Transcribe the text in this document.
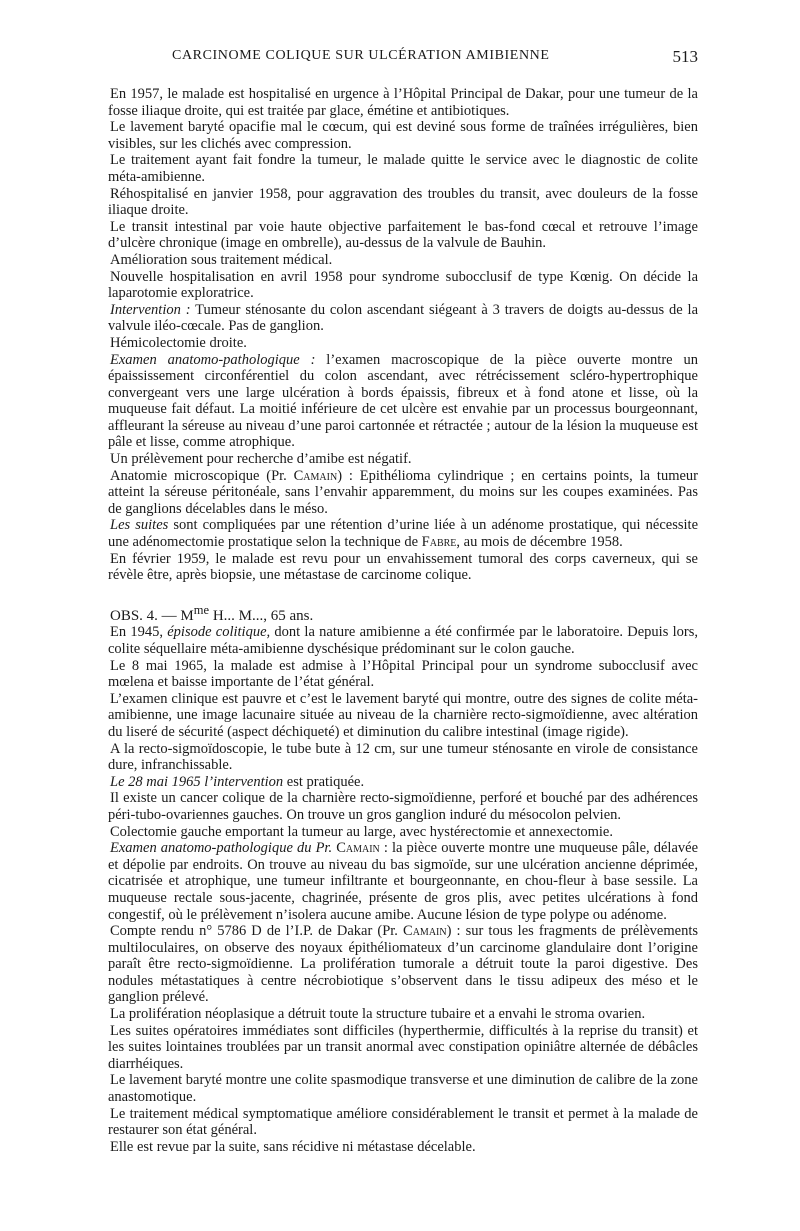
CARCINOME COLIQUE SUR ULCÉRATION AMIBIENNE	513

En 1957, le malade est hospitalisé en urgence à l’Hôpital Principal de Dakar, pour une tumeur de la fosse iliaque droite, qui est traitée par glace, émétine et antibiotiques.

Le lavement baryté opacifie mal le cœcum, qui est deviné sous forme de traînées irrégulières, bien visibles, sur les clichés avec compression.

Le traitement ayant fait fondre la tumeur, le malade quitte le service avec le diagnostic de colite méta-amibienne.

Réhospitalisé en janvier 1958, pour aggravation des troubles du transit, avec douleurs de la fosse iliaque droite.

Le transit intestinal par voie haute objective parfaitement le bas-fond cœcal et retrouve l’image d’ulcère chronique (image en ombrelle), au-dessus de la valvule de Bauhin.

Amélioration sous traitement médical.

Nouvelle hospitalisation en avril 1958 pour syndrome subocclusif de type Kœnig. On décide la laparotomie exploratrice.

Intervention : Tumeur sténosante du colon ascendant siégeant à 3 travers de doigts au-dessus de la valvule iléo-cœcale. Pas de ganglion.

Hémicolectomie droite.

Examen anatomo-pathologique : l’examen macroscopique de la pièce ouverte montre un épaississement circonférentiel du colon ascendant, avec rétrécissement scléro-hypertrophique convergeant vers une large ulcération à bords épaissis, fibreux et à fond atone et lisse, où la muqueuse fait défaut. La moitié inférieure de cet ulcère est envahie par un processus bourgeonnant, affleurant la séreuse au niveau d’une paroi cartonnée et rétractée ; autour de la lésion la muqueuse est pâle et lisse, comme atrophique.

Un prélèvement pour recherche d’amibe est négatif.

Anatomie microscopique (Pr. Camain) : Epithélioma cylindrique ; en certains points, la tumeur atteint la séreuse péritonéale, sans l’envahir apparemment, du moins sur les coupes examinées. Pas de ganglions décelables dans le méso.

Les suites sont compliquées par une rétention d’urine liée à un adénome prostatique, qui nécessite une adénomectomie prostatique selon la technique de Fabre, au mois de décembre 1958.

En février 1959, le malade est revu pour un envahissement tumoral des corps caverneux, qui se révèle être, après biopsie, une métastase de carcinome colique.

OBS. 4. — $M^{me}$ H... M..., 65 ans.

En 1945, épisode colitique, dont la nature amibienne a été confirmée par le laboratoire. Depuis lors, colite séquellaire méta-amibienne dyschésique prédominant sur le colon gauche.

Le 8 mai 1965, la malade est admise à l’Hôpital Principal pour un syndrome subocclusif avec mœlena et baisse importante de l’état général.

L’examen clinique est pauvre et c’est le lavement baryté qui montre, outre des signes de colite méta-amibienne, une image lacunaire située au niveau de la charnière recto-sigmoïdienne, avec altération du liseré de sécurité (aspect déchiqueté) et diminution du calibre intestinal (image rigide).

A la recto-sigmoïdoscopie, le tube bute à 12 cm, sur une tumeur sténosante en virole de consistance dure, infranchissable.

Le 28 mai 1965 l’intervention est pratiquée.

Il existe un cancer colique de la charnière recto-sigmoïdienne, perforé et bouché par des adhérences péri-tubo-ovariennes gauches. On trouve un gros ganglion induré du mésocolon pelvien.

Colectomie gauche emportant la tumeur au large, avec hystérectomie et annexectomie.

Examen anatomo-pathologique du Pr. Camain : la pièce ouverte montre une muqueuse pâle, délavée et dépolie par endroits. On trouve au niveau du bas sigmoïde, sur une ulcération ancienne déprimée, cicatrisée et atrophique, une tumeur infiltrante et bourgeonnante, en chou-fleur à base sessile. La muqueuse rectale sous-jacente, chagrinée, présente de gros plis, avec petites ulcérations à fond congestif, où le prélèvement n’isolera aucune amibe. Aucune lésion de type polype ou adénome.

Compte rendu n° 5786 D de l’I.P. de Dakar (Pr. Camain) : sur tous les fragments de prélèvements multiloculaires, on observe des noyaux épithéliomateux d’un carcinome glandulaire dont l’origine paraît être recto-sigmoïdienne. La prolifération tumorale a détruit toute la paroi digestive. Des nodules métastatiques à centre nécrobiotique s’observent dans le tissu adipeux des méso et le ganglion prélevé.

La prolifération néoplasique a détruit toute la structure tubaire et a envahi le stroma ovarien.

Les suites opératoires immédiates sont difficiles (hyperthermie, difficultés à la reprise du transit) et les suites lointaines troublées par un transit anormal avec constipation opiniâtre alternée de débâcles diarrhéiques.

Le lavement baryté montre une colite spasmodique transverse et une diminution de calibre de la zone anastomotique.

Le traitement médical symptomatique améliore considérablement le transit et permet à la malade de restaurer son état général.

Elle est revue par la suite, sans récidive ni métastase décelable.
